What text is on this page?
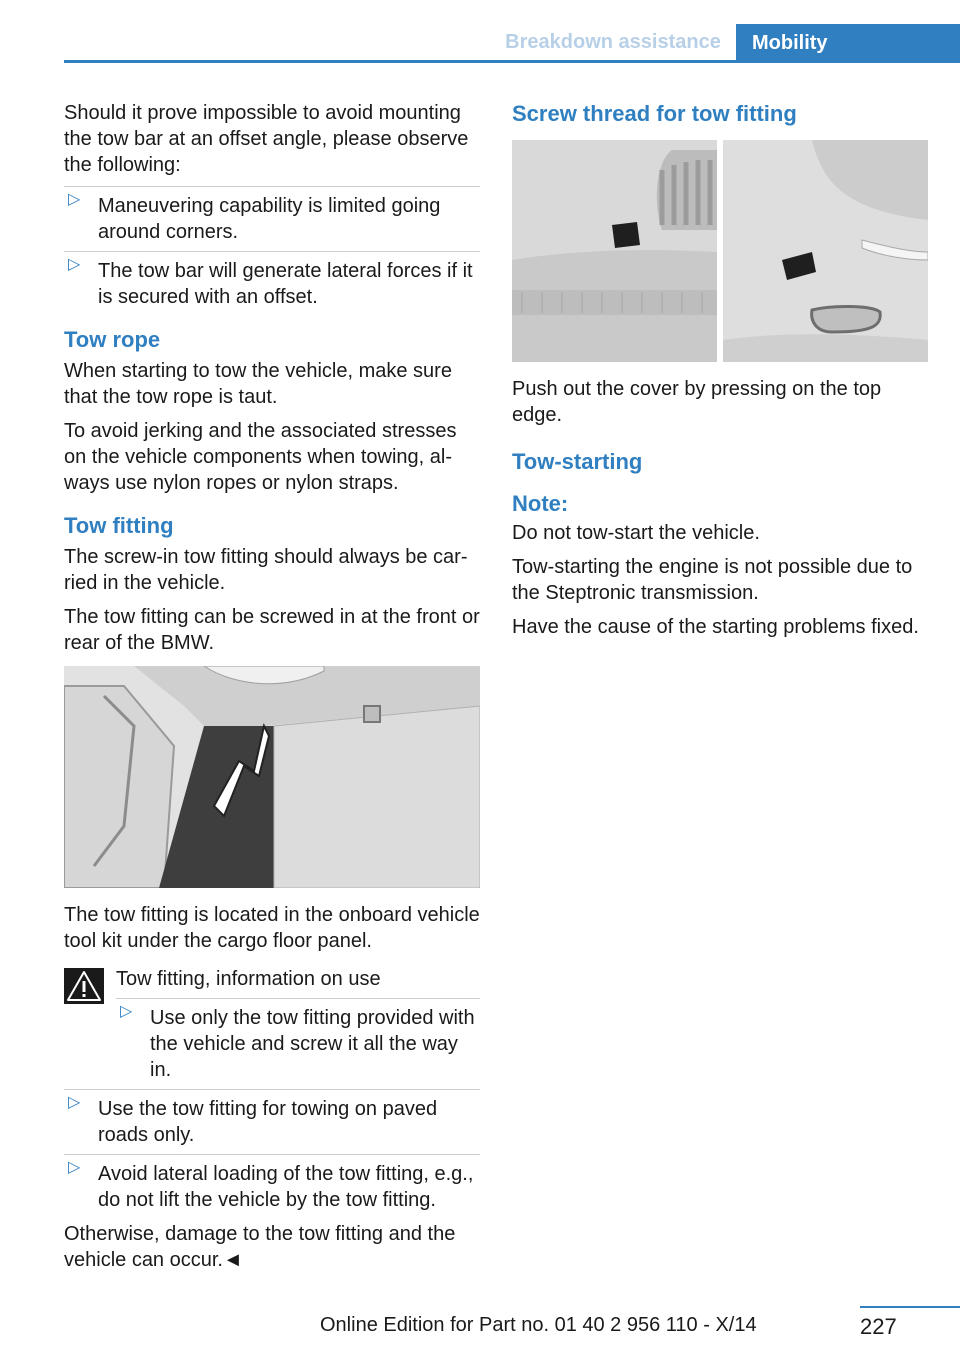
Breakdown assistance Mobility

Should it prove impossible to avoid mounting the tow bar at an offset angle, please observe the following:

▷ Maneuvering capability is limited going around corners.
▷ The tow bar will generate lateral forces if it is secured with an offset.
Tow rope

When starting to tow the vehicle, make sure that the tow rope is taut.

To avoid jerking and the associated stresses on the vehicle components when towing, always use nylon ropes or nylon straps.

Tow fitting

The screw-in tow fitting should always be carried in the vehicle.

The tow fitting can be screwed in at the front or rear of the BMW.

The tow fitting is located in the onboard vehicle tool kit under the cargo floor panel.

Tow fitting, information on use

▷ Use only the tow fitting provided with the vehicle and screw it all the way in.
▷ Use the tow fitting for towing on paved roads only.
▷ Avoid lateral loading of the tow fitting, e.g., do not lift the vehicle by the tow fitting.

Otherwise, damage to the tow fitting and the vehicle can occur.◄

Screw thread for tow fitting

Push out the cover by pressing on the top edge.

Tow-starting
Note:

Do not tow-start the vehicle.

Tow-starting the engine is not possible due to the Steptronic transmission.

Have the cause of the starting problems fixed.

227
Online Edition for Part no. 01 40 2 956 110 - X/14
